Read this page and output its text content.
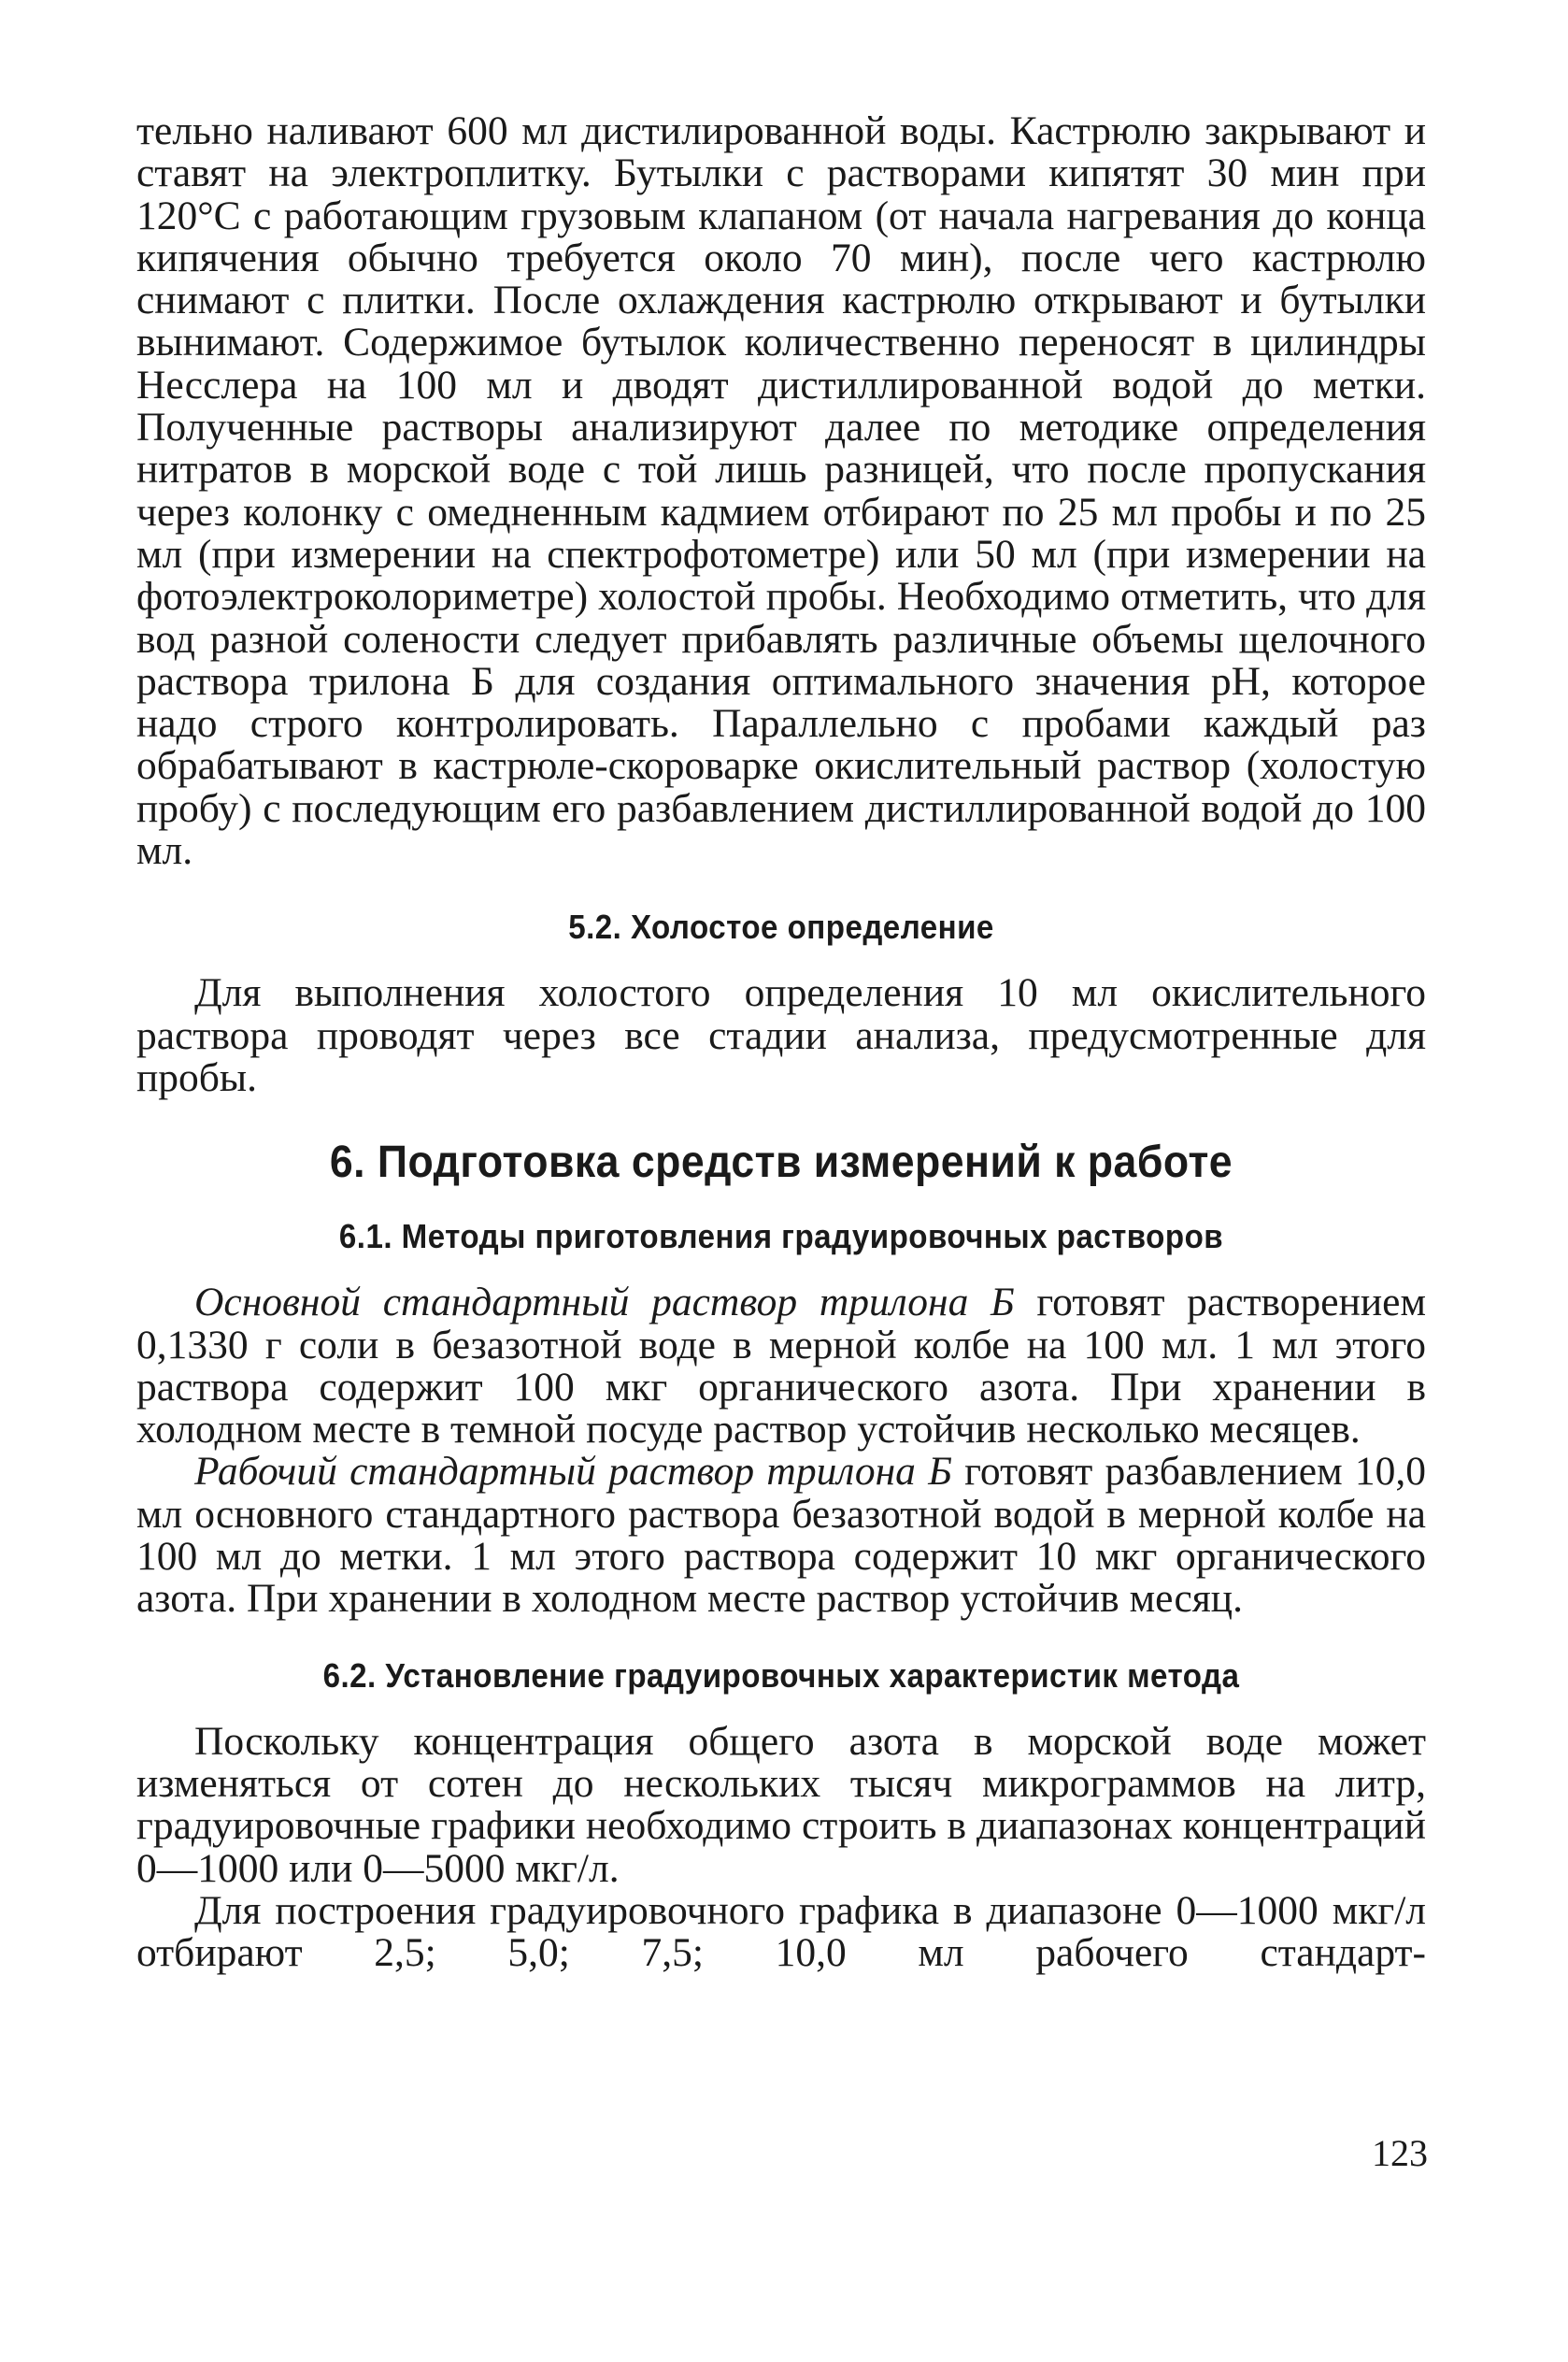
тельно наливают 600 мл дистилированной воды. Кастрюлю закрывают и ставят на электроплитку. Бутылки с растворами кипятят 30 мин при 120°С с работающим грузовым клапаном (от начала нагревания до конца кипячения обычно требуется около 70 мин), после чего кастрюлю снимают с плитки. После охлаждения кастрюлю открывают и бутылки вынимают. Содержимое бутылок количественно переносят в цилиндры Несслера на 100 мл и дводят дистиллированной водой до метки. Полученные растворы анализируют далее по методике определения нитратов в морской воде с той лишь разницей, что после пропускания через колонку с омедненным кадмием отбирают по 25 мл пробы и по 25 мл (при измерении на спектрофотометре) или 50 мл (при измерении на фотоэлектроколориметре) холостой пробы. Необходимо отметить, что для вод разной солености следует прибавлять различные объемы щелочного раствора трилона Б для создания оптимального значения pH, которое надо строго контролировать. Параллельно с пробами каждый раз обрабатывают в кастрюле-скороварке окислительный раствор (холостую пробу) с последующим его разбавлением дистиллированной водой до 100 мл.

5.2. Холостое определение

Для выполнения холостого определения 10 мл окислительного раствора проводят через все стадии анализа, предусмотренные для пробы.

6. Подготовка средств измерений к работе
6.1. Методы приготовления градуировочных растворов

Основной стандартный раствор трилона Б готовят растворением 0,1330 г соли в безазотной воде в мерной колбе на 100 мл. 1 мл этого раствора содержит 100 мкг органического азота. При хранении в холодном месте в темной посуде раствор устойчив несколько месяцев.

Рабочий стандартный раствор трилона Б готовят разбавлением 10,0 мл основного стандартного раствора безазотной водой в мерной колбе на 100 мл до метки. 1 мл этого раствора содержит 10 мкг органического азота. При хранении в холодном месте раствор устойчив месяц.

6.2. Установление градуировочных характеристик метода

Поскольку концентрация общего азота в морской воде может изменяться от сотен до нескольких тысяч микрограммов на литр, градуировочные графики необходимо строить в диапазонах концентраций 0—1000 или 0—5000 мкг/л.

Для построения градуировочного графика в диапазоне 0—1000 мкг/л отбирают 2,5; 5,0; 7,5; 10,0 мл рабочего стандарт-

123
